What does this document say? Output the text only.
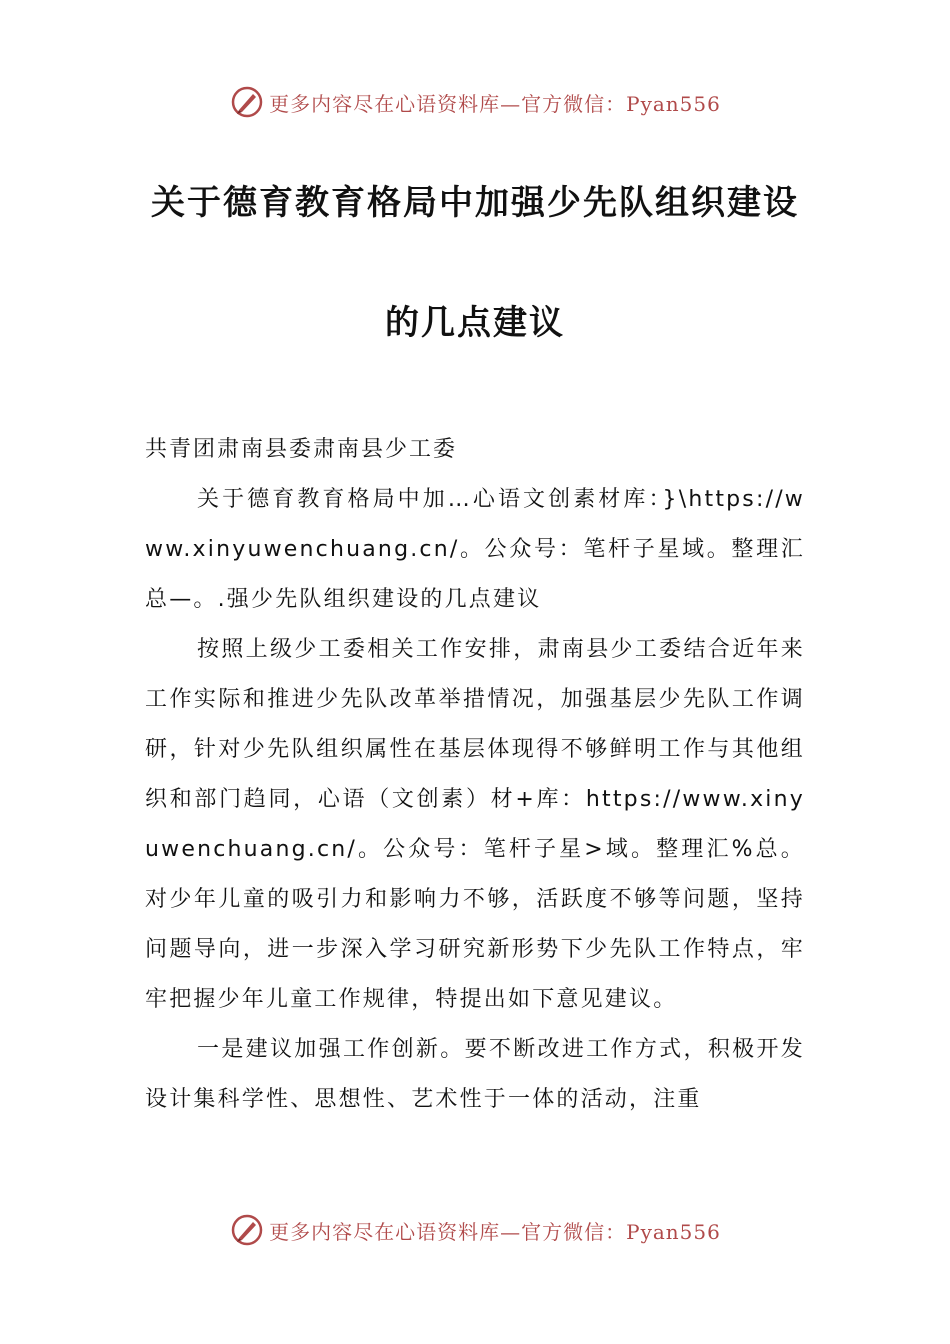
更多内容尽在心语资料库—官方微信：Pyan556
关于德育教育格局中加强少先队组织建设
的几点建议
共青团肃南县委肃南县少工委

关于德育教育格局中加…心语文创素材库：}\https://www.xinyuwenchuang.cn/。公众号：笔杆子星域。整理汇总—。.强少先队组织建设的几点建议

按照上级少工委相关工作安排，肃南县少工委结合近年来工作实际和推进少先队改革举措情况，加强基层少先队工作调研，针对少先队组织属性在基层体现得不够鲜明工作与其他组织和部门趋同，心语（文创素）材+库：https://www.xinyuwenchuang.cn/。公众号：笔杆子星>域。整理汇%总。对少年儿童的吸引力和影响力不够，活跃度不够等问题，坚持问题导向，进一步深入学习研究新形势下少先队工作特点，牢牢把握少年儿童工作规律，特提出如下意见建议。

一是建议加强工作创新。要不断改进工作方式，积极开发设计集科学性、思想性、艺术性于一体的活动，注重

更多内容尽在心语资料库—官方微信：Pyan556
